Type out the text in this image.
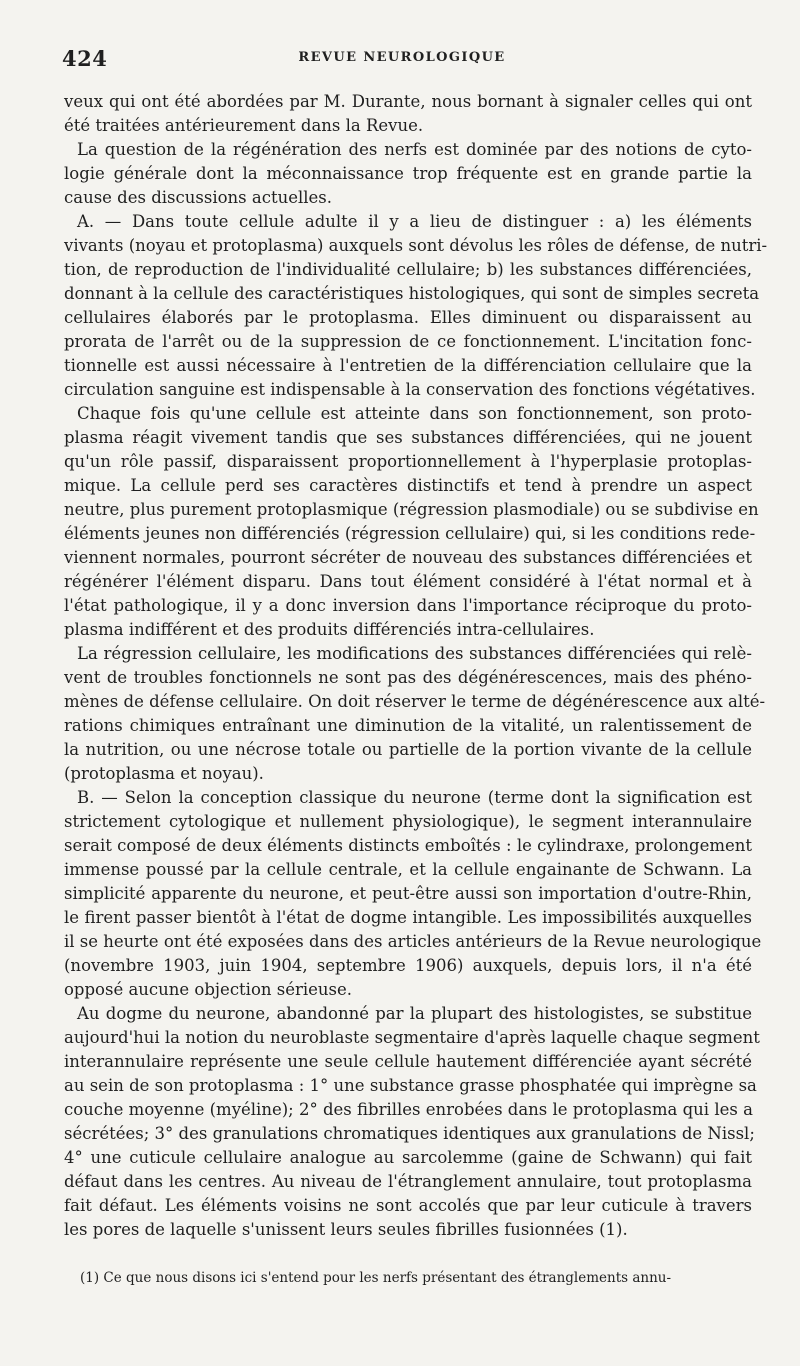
424	REVUE NEUROLOGIQUE
veux qui ont été abordées par M. Durante, nous bornant à signaler celles qui ont
été traitées antérieurement dans la Revue.
La question de la régénération des nerfs est dominée par des notions de cyto-
logie générale dont la méconnaissance trop fréquente est en grande partie la
cause des discussions actuelles.
A. — Dans toute cellule adulte il y a lieu de distinguer : a) les éléments
vivants (noyau et protoplasma) auxquels sont dévolus les rôles de défense, de nutri-
tion, de reproduction de l'individualité cellulaire; b) les substances différenciées,
donnant à la cellule des caractéristiques histologiques, qui sont de simples secreta
cellulaires élaborés par le protoplasma. Elles diminuent ou disparaissent au
prorata de l'arrêt ou de la suppression de ce fonctionnement. L'incitation fonc-
tionnelle est aussi nécessaire à l'entretien de la différenciation cellulaire que la
circulation sanguine est indispensable à la conservation des fonctions végétatives.
Chaque fois qu'une cellule est atteinte dans son fonctionnement, son proto-
plasma réagit vivement tandis que ses substances différenciées, qui ne jouent
qu'un rôle passif, disparaissent proportionnellement à l'hyperplasie protoplas-
mique. La cellule perd ses caractères distinctifs et tend à prendre un aspect
neutre, plus purement protoplasmique (régression plasmodiale) ou se subdivise en
éléments jeunes non différenciés (régression cellulaire) qui, si les conditions rede-
viennent normales, pourront sécréter de nouveau des substances différenciées et
régénérer l'élément disparu. Dans tout élément considéré à l'état normal et à
l'état pathologique, il y a donc inversion dans l'importance réciproque du proto-
plasma indifférent et des produits différenciés intra-cellulaires.
La régression cellulaire, les modifications des substances différenciées qui relè-
vent de troubles fonctionnels ne sont pas des dégénérescences, mais des phéno-
mènes de défense cellulaire. On doit réserver le terme de dégénérescence aux alté-
rations chimiques entraînant une diminution de la vitalité, un ralentissement de
la nutrition, ou une nécrose totale ou partielle de la portion vivante de la cellule
(protoplasma et noyau).
B. — Selon la conception classique du neurone (terme dont la signification est
strictement cytologique et nullement physiologique), le segment interannulaire
serait composé de deux éléments distincts emboîtés : le cylindraxe, prolongement
immense poussé par la cellule centrale, et la cellule engainante de Schwann. La
simplicité apparente du neurone, et peut-être aussi son importation d'outre-Rhin,
le firent passer bientôt à l'état de dogme intangible. Les impossibilités auxquelles
il se heurte ont été exposées dans des articles antérieurs de la Revue neurologique
(novembre 1903, juin 1904, septembre 1906) auxquels, depuis lors, il n'a été
opposé aucune objection sérieuse.
Au dogme du neurone, abandonné par la plupart des histologistes, se substitue
aujourd'hui la notion du neuroblaste segmentaire d'après laquelle chaque segment
interannulaire représente une seule cellule hautement différenciée ayant sécrété
au sein de son protoplasma : 1° une substance grasse phosphatée qui imprègne sa
couche moyenne (myéline); 2° des fibrilles enrobées dans le protoplasma qui les a
sécrétées; 3° des granulations chromatiques identiques aux granulations de Nissl;
4° une cuticule cellulaire analogue au sarcolemme (gaine de Schwann) qui fait
défaut dans les centres. Au niveau de l'étranglement annulaire, tout protoplasma
fait défaut. Les éléments voisins ne sont accolés que par leur cuticule à travers
les pores de laquelle s'unissent leurs seules fibrilles fusionnées (1).
(1) Ce que nous disons ici s'entend pour les nerfs présentant des étranglements annu-
